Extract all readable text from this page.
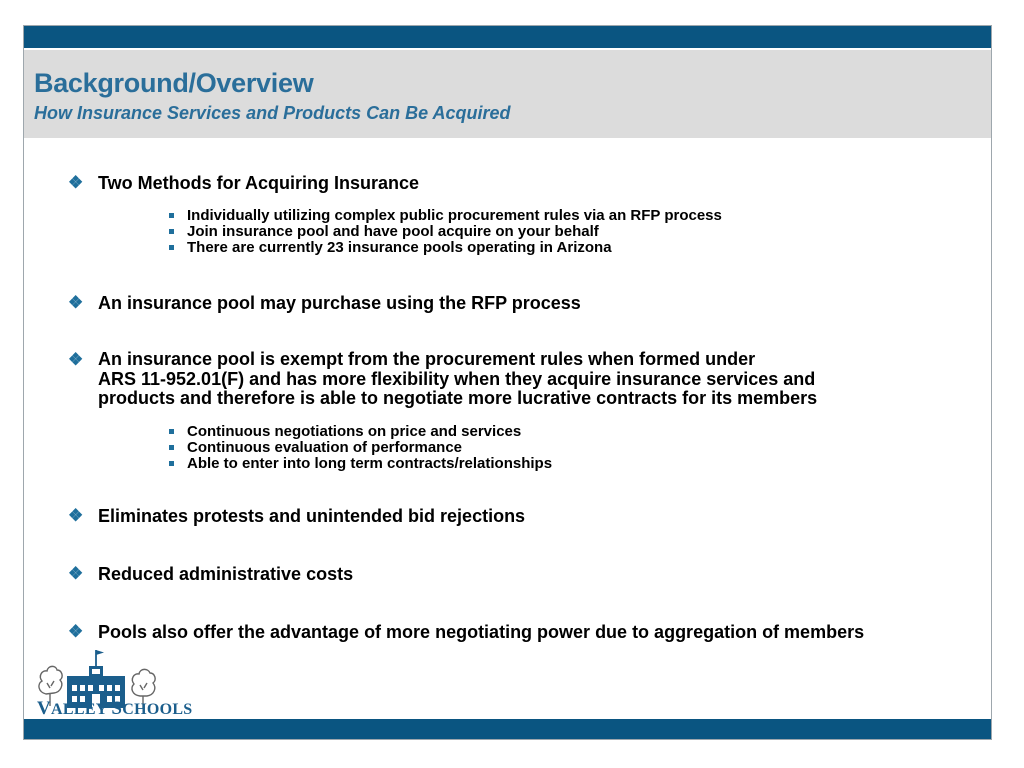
Background/Overview
How Insurance Services and Products Can Be Acquired
❖ Two Methods for Acquiring Insurance
Individually utilizing complex public procurement rules via an RFP process
Join insurance pool and have pool acquire on your behalf
There are currently 23 insurance pools operating in Arizona
❖ An insurance pool may purchase using the RFP process
❖ An insurance pool is exempt from the procurement rules when formed under
ARS 11-952.01(F) and has more flexibility when they acquire insurance services and
products and therefore is able to negotiate more lucrative contracts for its members
Continuous negotiations on price and services
Continuous evaluation of performance
Able to enter into long term contracts/relationships
❖ Eliminates protests and unintended bid rejections
❖ Reduced administrative costs
❖ Pools also offer the advantage of more negotiating power due to aggregation of members
VALLEY SCHOOLS
